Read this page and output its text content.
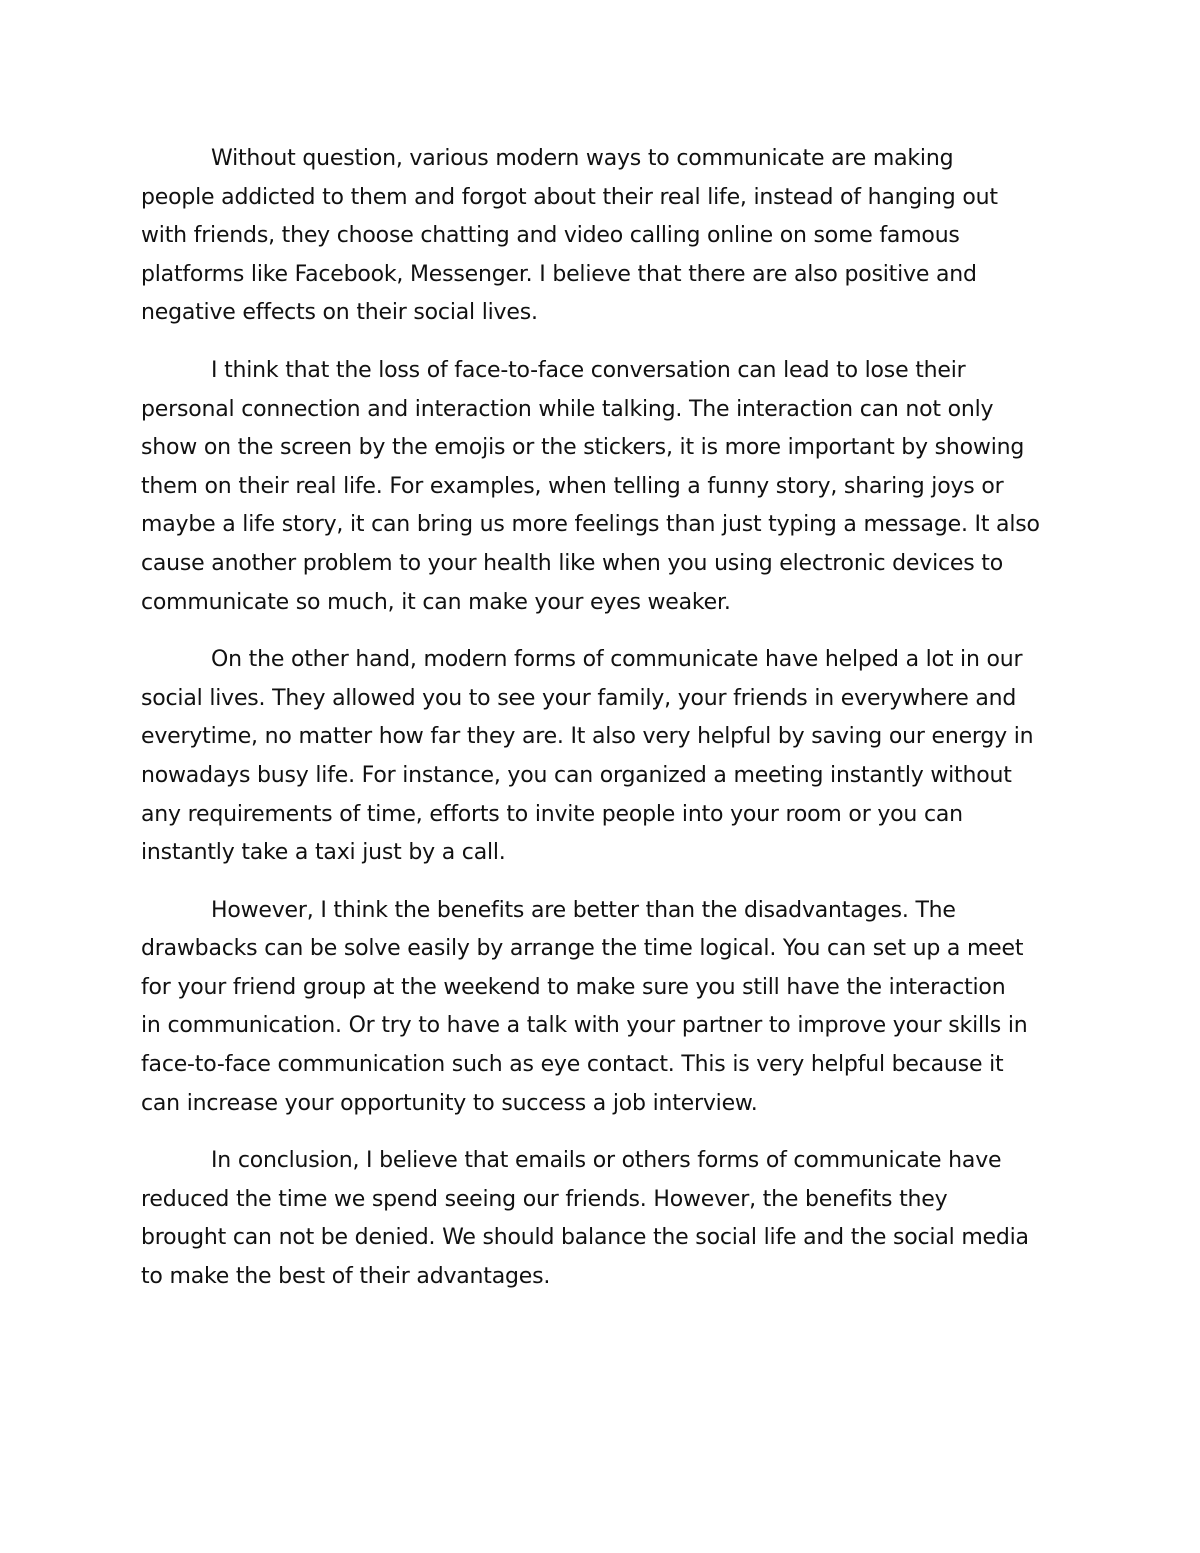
Without question, various modern ways to communicate are making
people addicted to them and forgot about their real life, instead of hanging out
with friends, they choose chatting and video calling online on some famous
platforms like Facebook, Messenger. I believe that there are also positive and
negative effects on their social lives.
I think that the loss of face-to-face conversation can lead to lose their
personal connection and interaction while talking. The interaction can not only
show on the screen by the emojis or the stickers, it is more important by showing
them on their real life. For examples, when telling a funny story, sharing joys or
maybe a life story, it can bring us more feelings than just typing a message. It also
cause another problem to your health like when you using electronic devices to
communicate so much, it can make your eyes weaker.
On the other hand, modern forms of communicate have helped a lot in our
social lives. They allowed you to see your family, your friends in everywhere and
everytime, no matter how far they are. It also very helpful by saving our energy in
nowadays busy life. For instance, you can organized a meeting instantly without
any requirements of time, efforts to invite people into your room or you can
instantly take a taxi just by a call.
However, I think the benefits are better than the disadvantages. The
drawbacks can be solve easily by arrange the time logical. You can set up a meet
for your friend group at the weekend to make sure you still have the interaction
in communication. Or try to have a talk with your partner to improve your skills in
face-to-face communication such as eye contact. This is very helpful because it
can increase your opportunity to success a job interview.
In conclusion, I believe that emails or others forms of communicate have
reduced the time we spend seeing our friends. However, the benefits they
brought can not be denied. We should balance the social life and the social media
to make the best of their advantages.
